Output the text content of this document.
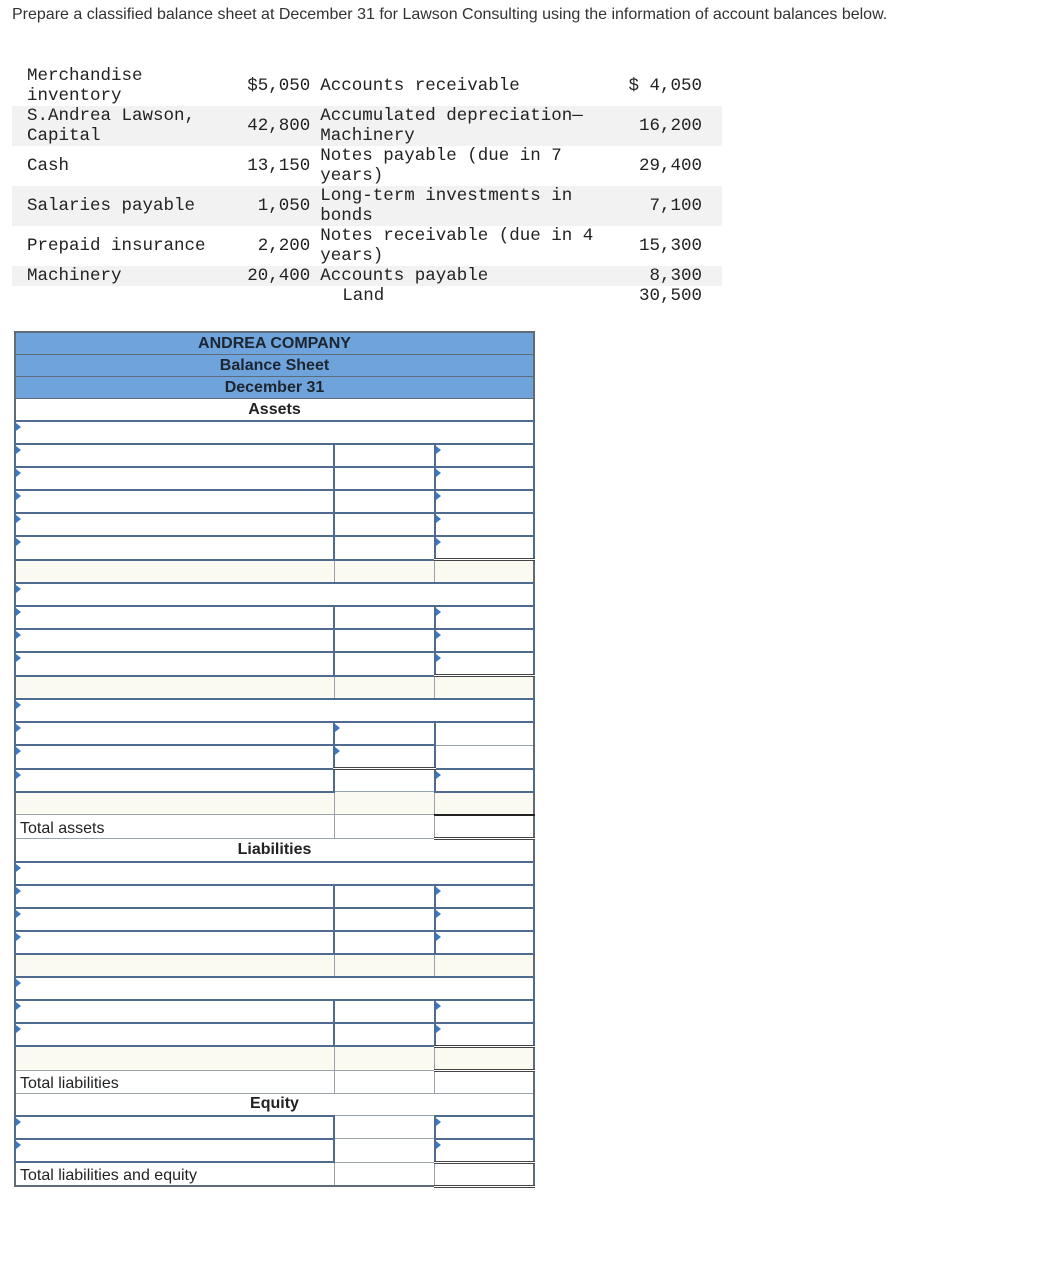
Prepare a classified balance sheet at December 31 for Lawson Consulting using the information of account balances below.

Merchandise inventory	$5,050	Accounts receivable	$ 4,050
S.Andrea Lawson, Capital	42,800	Accumulated depreciation— Machinery	16,200
Cash	13,150	Notes payable (due in 7 years)	29,400
Salaries payable	1,050	Long-term investments in bonds	7,100
Prepaid insurance	2,200	Notes receivable (due in 4 years)	15,300
Machinery	20,400	Accounts payable	8,300
		Land	30,500
ANDREA COMPANY		
Balance Sheet		
December 31		
Assets		

Total assets		
Liabilities		

Total liabilities		
Equity		

Total liabilities and equity		
